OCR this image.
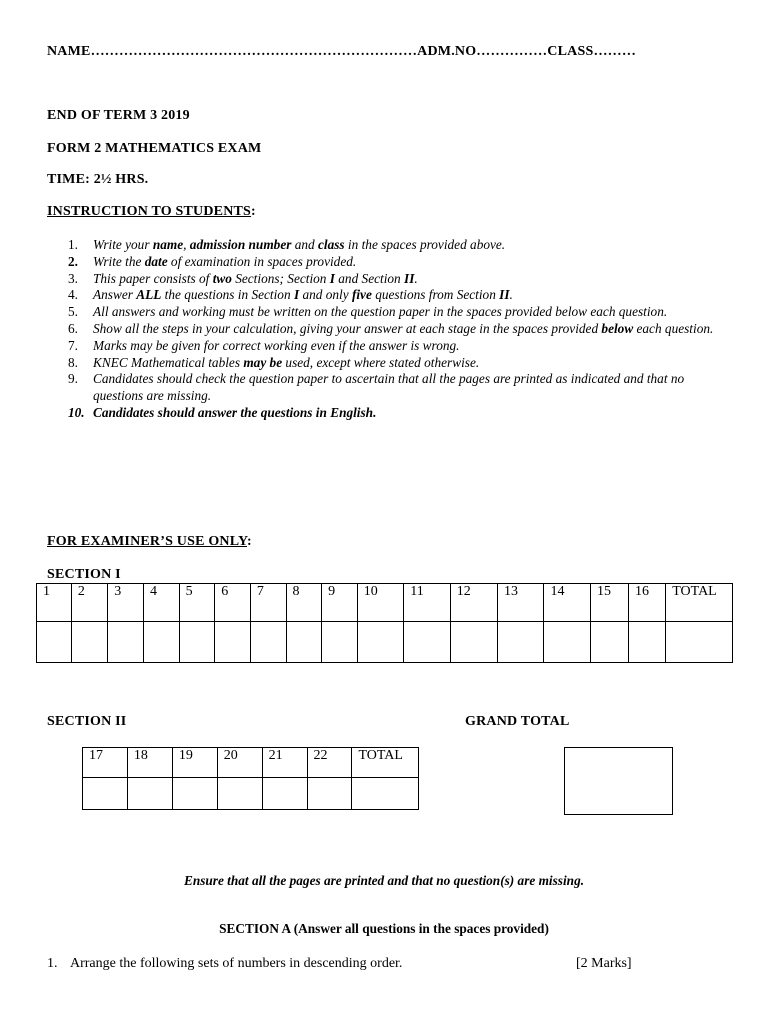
NAME……………………………………………………………ADM.NO……………CLASS………
END OF TERM 3 2019
FORM 2 MATHEMATICS EXAM
TIME: 2½ HRS.
INSTRUCTION TO STUDENTS:
1. Write your name, admission number and class in the spaces provided above.
2. Write the date of examination in spaces provided.
3. This paper consists of two Sections; Section I and Section II.
4. Answer ALL the questions in Section I and only five questions from Section II.
5. All answers and working must be written on the question paper in the spaces provided below each question.
6. Show all the steps in your calculation, giving your answer at each stage in the spaces provided below each question.
7. Marks may be given for correct working even if the answer is wrong.
8. KNEC Mathematical tables may be used, except where stated otherwise.
9. Candidates should check the question paper to ascertain that all the pages are printed as indicated and that no questions are missing.
10. Candidates should answer the questions in English.
FOR EXAMINER’S USE ONLY:
SECTION I
1	2	3	4	5	6	7	8	9	10	11	12	13	14	15	16	TOTAL

SECTION II	GRAND TOTAL
17	18	19	20	21	22	TOTAL

Ensure that all the pages are printed and that no question(s) are missing.
SECTION A (Answer all questions in the spaces provided)
1. Arrange the following sets of numbers in descending order.	[2 Marks]
